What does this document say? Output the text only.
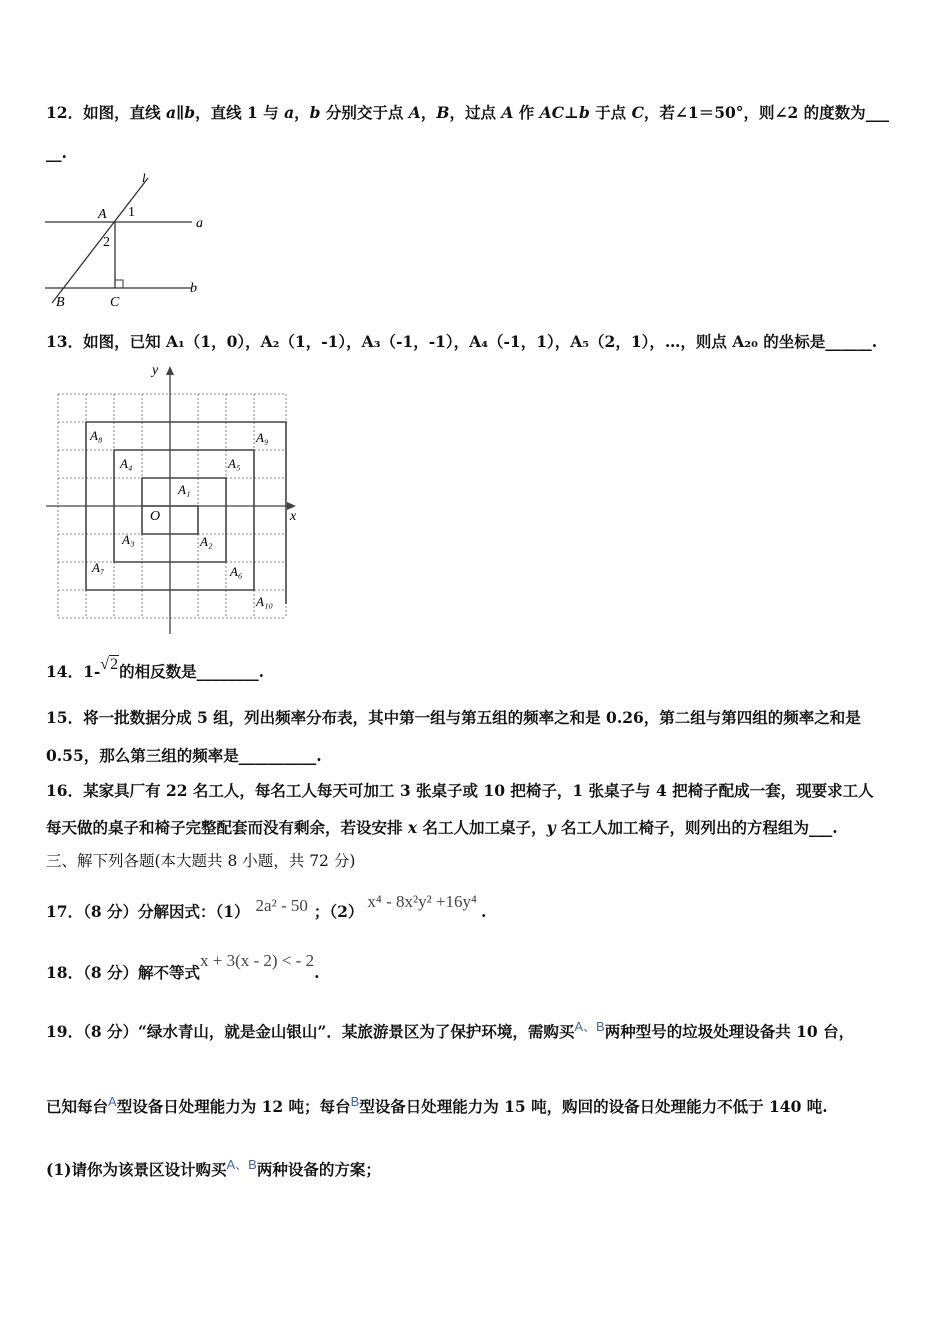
12．如图，直线 a∥b，直线 1 与 a，b 分别交于点 A，B，过点 A 作 AC⊥b 于点 C，若∠1＝50°，则∠2 的度数为___
__.
l
A 1
2
a
b
B	C
13．如图，已知 A₁（1，0），A₂（1，-1），A₃（-1，-1），A₄（-1，1），A₅（2，1），…，则点 A₂₀ 的坐标是______.
y
x
O
A₁
A₂
A₃
A₄	A₅
A₆
A₇
A₈	A₉
A₁₀
14．1-√2的相反数是________.
15．将一批数据分成 5 组，列出频率分布表，其中第一组与第五组的频率之和是 0.26，第二组与第四组的频率之和是
0.55，那么第三组的频率是__________.
16．某家具厂有 22 名工人，每名工人每天可加工 3 张桌子或 10 把椅子，1 张桌子与 4 把椅子配成一套，现要求工人
每天做的桌子和椅子完整配套而没有剩余，若设安排 x 名工人加工桌子，y 名工人加工椅子，则列出的方程组为___.
三、解下列各题(本大题共 8 小题，共 72 分)
17．（8 分）分解因式：（1） 2a² - 50 ；（2）x⁴ - 8x²y² +16y⁴.
18．（8 分）解不等式x + 3(x - 2) < - 2.
19．（8 分）“绿水青山，就是金山银山”．某旅游景区为了保护环境，需购买$^{A、B}$两种型号的垃圾处理设备共 10 台，
已知每台$^A$型设备日处理能力为 12 吨；每台$^B$型设备日处理能力为 15 吨，购回的设备日处理能力不低于 140 吨.
(1)请你为该景区设计购买$^{A、B}$两种设备的方案；
